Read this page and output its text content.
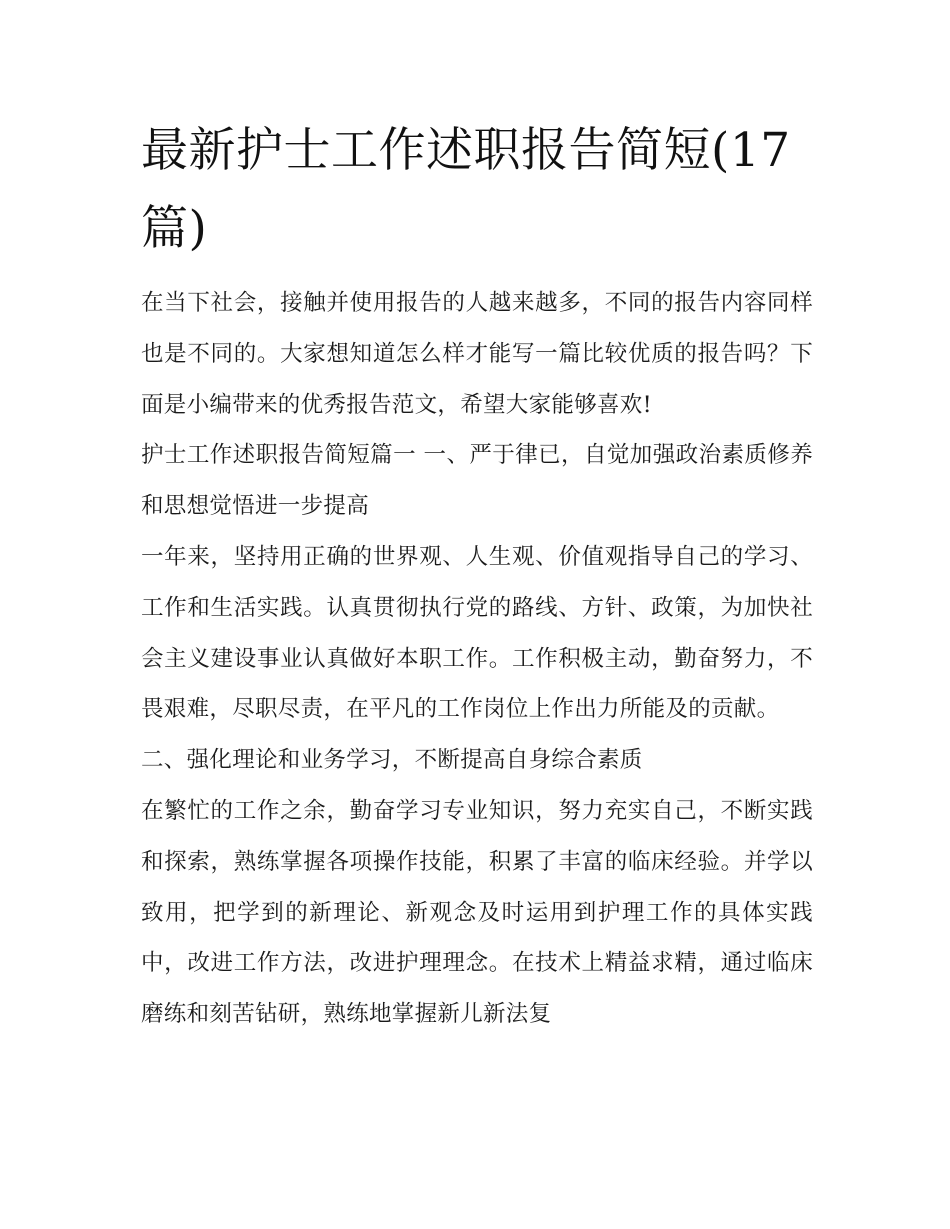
最新护士工作述职报告简短(17篇)

在当下社会，接触并使用报告的人越来越多，不同的报告内容同样也是不同的。大家想知道怎么样才能写一篇比较优质的报告吗？下面是小编带来的优秀报告范文，希望大家能够喜欢!

护士工作述职报告简短篇一 一、严于律已，自觉加强政治素质修养和思想觉悟进一步提高

一年来，坚持用正确的世界观、人生观、价值观指导自己的学习、工作和生活实践。认真贯彻执行党的路线、方针、政策，为加快社会主义建设事业认真做好本职工作。工作积极主动，勤奋努力，不畏艰难，尽职尽责，在平凡的工作岗位上作出力所能及的贡献。

二、强化理论和业务学习，不断提高自身综合素质

在繁忙的工作之余，勤奋学习专业知识，努力充实自己，不断实践和探索，熟练掌握各项操作技能，积累了丰富的临床经验。并学以致用，把学到的新理论、新观念及时运用到护理工作的具体实践中，改进工作方法，改进护理理念。在技术上精益求精，通过临床磨练和刻苦钻研，熟练地掌握新儿新法复
